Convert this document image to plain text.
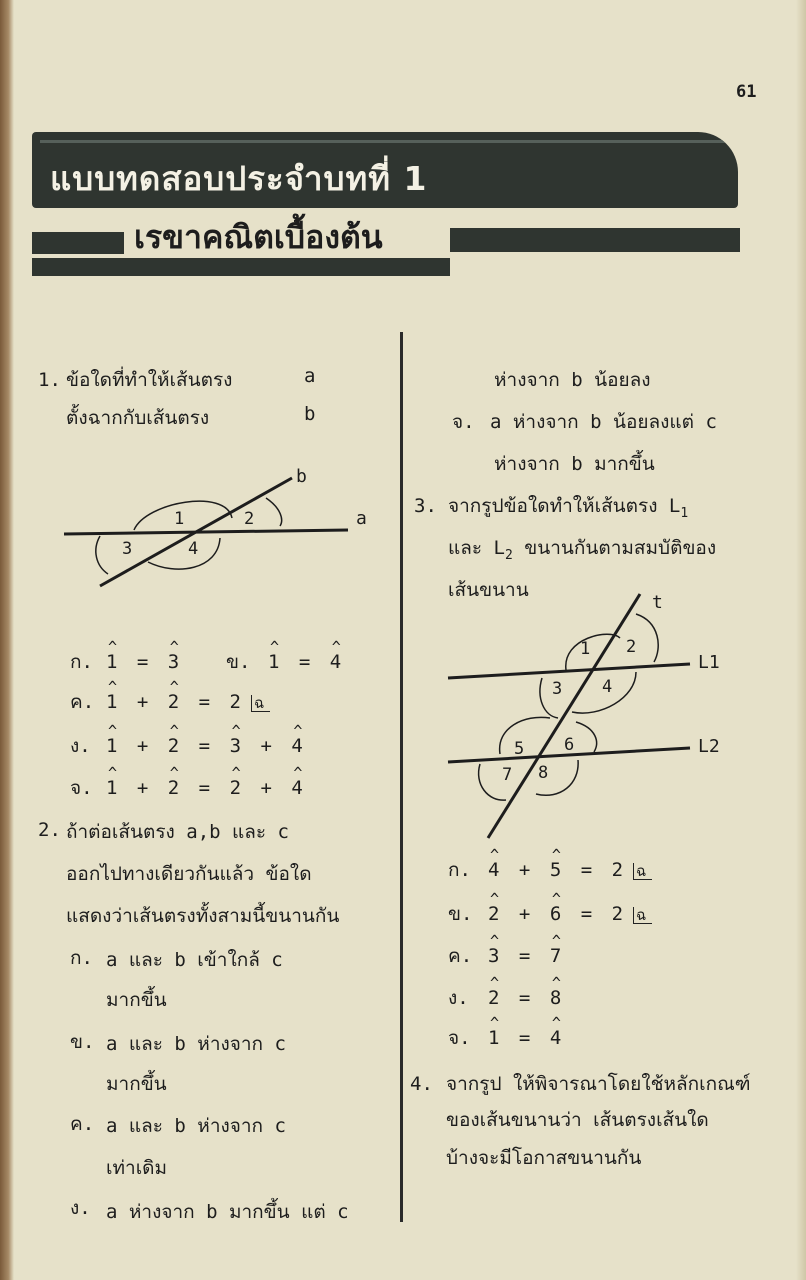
61
แบบทดสอบประจำบทที่ 1
เรขาคณิตเบื้องต้น
1. ข้อใดที่ทำให้เส้นตรง	a
ตั้งฉากกับเส้นตรง	b
b
a
1	2
3	4
ก. ^ 1 = ^ 3 ข. ^ 1 = ^ 4
ค. ^ 1 + ^ 2 = 2 ฉ
ง. ^ 1 + ^ 2 = ^ 3 + ^ 4
จ. ^ 1 + ^ 2 = ^ 2 + ^ 4
2. ถ้าต่อเส้นตรง a,b และ c
ออกไปทางเดียวกันแล้ว ข้อใด
แสดงว่าเส้นตรงทั้งสามนี้ขนานกัน
ก. a และ b เข้าใกล้ c
มากขึ้น
ข. a และ b ห่างจาก c
มากขึ้น
ค. a และ b ห่างจาก c
เท่าเดิม
ง. a ห่างจาก b มากขึ้น แต่ c
ห่างจาก b น้อยลง
จ. a ห่างจาก b น้อยลงแต่ c
ห่างจาก b มากขึ้น
3. จากรูปข้อใดทำให้เส้นตรง $L_1$
และ $L_2$ ขนานกันตามสมบัติของ
เส้นขนาน
t
L1
L2
1 2
3 4
5 6
7 8
ก. ^ 4 + ^ 5 = 2 ฉ
ข. ^ 2 + ^ 6 = 2 ฉ
ค. ^ 3 = ^ 7
ง. ^ 2 = ^ 8
จ. ^ 1 = ^ 4
4. จากรูป ให้พิจารณาโดยใช้หลักเกณฑ์
ของเส้นขนานว่า เส้นตรงเส้นใด
บ้างจะมีโอกาสขนานกัน
